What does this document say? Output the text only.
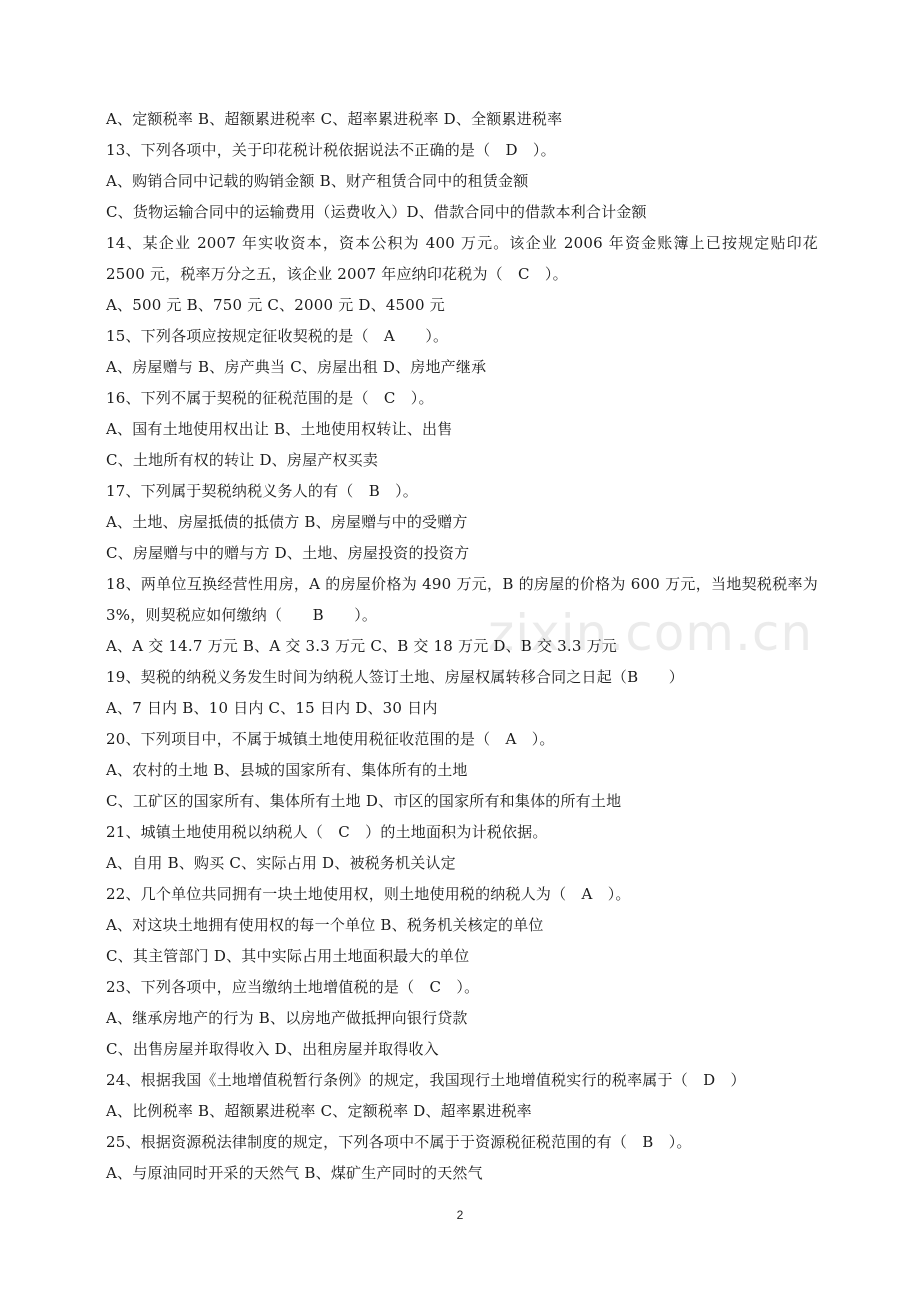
A、定额税率 B、超额累进税率 C、超率累进税率 D、全额累进税率
13、下列各项中，关于印花税计税依据说法不正确的是（　D　）。
A、购销合同中记载的购销金额 B、财产租赁合同中的租赁金额
C、货物运输合同中的运输费用（运费收入）D、借款合同中的借款本利合计金额
14、某企业 2007 年实收资本，资本公积为 400 万元。该企业 2006 年资金账簿上已按规定贴印花 2500 元，税率万分之五，该企业 2007 年应纳印花税为（　C　）。
A、500 元 B、750 元 C、2000 元 D、4500 元
15、下列各项应按规定征收契税的是（　A　　）。
A、房屋赠与 B、房产典当 C、房屋出租 D、房地产继承
16、下列不属于契税的征税范围的是（　C　）。
A、国有土地使用权出让 B、土地使用权转让、出售
C、土地所有权的转让 D、房屋产权买卖
17、下列属于契税纳税义务人的有（　B　）。
A、土地、房屋抵债的抵债方 B、房屋赠与中的受赠方
C、房屋赠与中的赠与方 D、土地、房屋投资的投资方
18、两单位互换经营性用房，A 的房屋价格为 490 万元，B 的房屋的价格为 600 万元，当地契税税率为 3%，则契税应如何缴纳（　　B　　）。
A、A 交 14.7 万元 B、A 交 3.3 万元 C、B 交 18 万元 D、B 交 3.3 万元
19、契税的纳税义务发生时间为纳税人签订土地、房屋权属转移合同之日起（B　　）
A、7 日内 B、10 日内 C、15 日内 D、30 日内
20、下列项目中，不属于城镇土地使用税征收范围的是（　A　）。
A、农村的土地 B、县城的国家所有、集体所有的土地
C、工矿区的国家所有、集体所有土地 D、市区的国家所有和集体的所有土地
21、城镇土地使用税以纳税人（　C　）的土地面积为计税依据。
A、自用 B、购买 C、实际占用 D、被税务机关认定
22、几个单位共同拥有一块土地使用权，则土地使用税的纳税人为（　A　）。
A、对这块土地拥有使用权的每一个单位 B、税务机关核定的单位
C、其主管部门 D、其中实际占用土地面积最大的单位
23、下列各项中，应当缴纳土地增值税的是（　C　）。
A、继承房地产的行为 B、以房地产做抵押向银行贷款
C、出售房屋并取得收入 D、出租房屋并取得收入
24、根据我国《土地增值税暂行条例》的规定，我国现行土地增值税实行的税率属于（　D　）
A、比例税率 B、超额累进税率 C、定额税率 D、超率累进税率
25、根据资源税法律制度的规定，下列各项中不属于于资源税征税范围的有（　B　）。
A、与原油同时开采的天然气 B、煤矿生产同时的天然气
zixin.com.cn
2
